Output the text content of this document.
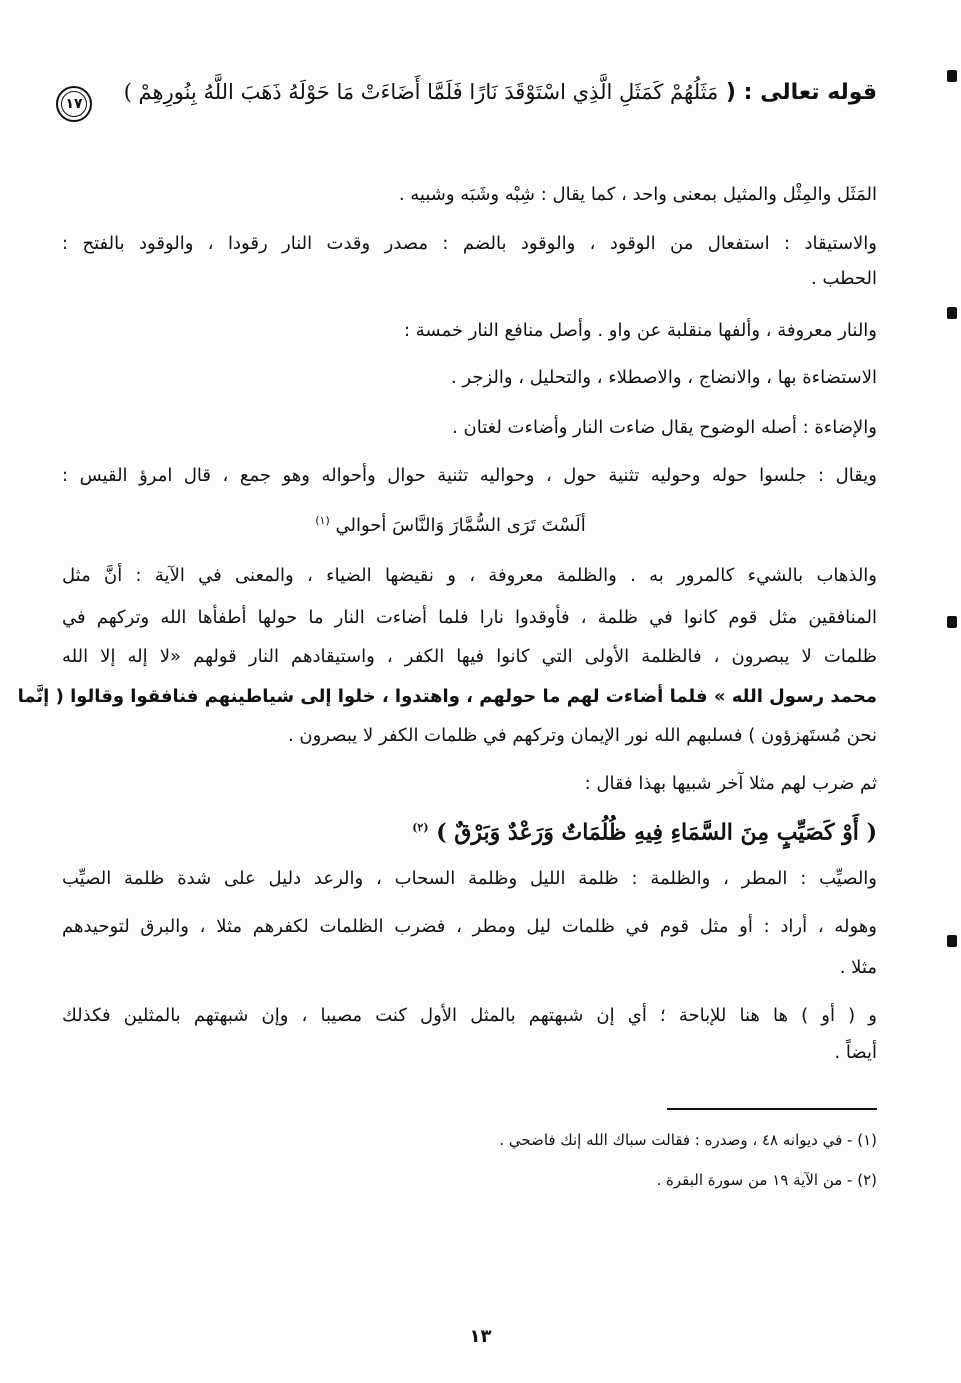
قوله تعالى : ( مَثَلُهُمْ كَمَثَلِ الَّذِي اسْتَوْقَدَ نَارًا فَلَمَّا أَضَاءَتْ مَا حَوْلَهُ ذَهَبَ اللَّهُ بِنُورِهِمْ )
١٧
المَثَل والمِثْل والمثيل بمعنى واحد ، كما يقال : شِبْه وشَبَه وشبيه .
والاستيقاد : استفعال من الوقود ، والوقود بالضم : مصدر وقدت النار رقودا ، والوقود بالفتح :
الحطب .
والنار معروفة ، وألفها منقلبة عن واو . وأصل منافع النار خمسة :
الاستضاءة بها ، والانضاج ، والاصطلاء ، والتحليل ، والزجر .
والإضاءة : أصله الوضوح يقال ضاءت النار وأضاءت لغتان .
ويقال : جلسوا حوله وحوليه تثنية حول ، وحواليه تثنية حوال وأحواله وهو جمع ، قال امرؤ القيس :
ألَسْتَ تَرَى السُّمَّارَ وَالنَّاسَ أحوالي $^{(١)}$
والذهاب بالشيء كالمرور به . والظلمة معروفة ، و نقيضها الضياء ، والمعنى في الآية : أنَّ مثل
المنافقين مثل قوم كانوا في ظلمة ، فأوقدوا نارا فلما أضاءت النار ما حولها أطفأها الله وتركهم في
ظلمات لا يبصرون ، فالظلمة الأولى التي كانوا فيها الكفر ، واستيقادهم النار قولهم «لا إله إلا الله
محمد رسول الله » فلما أضاءت لهم ما حولهم ، واهتدوا ، خلوا إلى شياطينهم فنافقوا وقالوا ( إنَّما
نحن مُستَهزؤون ) فسلبهم الله نور الإيمان وتركهم في ظلمات الكفر لا يبصرون .
ثم ضرب لهم مثلا آخر شبيها بهذا فقال :
( أَوْ كَصَيِّبٍ مِنَ السَّمَاءِ فِيهِ ظُلُمَاتٌ وَرَعْدٌ وَبَرْقٌ ) $^{(٢)}$
والصيِّب : المطر ، والظلمة : ظلمة الليل وظلمة السحاب ، والرعد دليل على شدة ظلمة الصيِّب
وهوله ، أراد : أو مثل قوم في ظلمات ليل ومطر ، فضرب الظلمات لكفرهم مثلا ، والبرق لتوحيدهم
مثلا .
و ( أو ) ها هنا للإباحة ؛ أي إن شبهتهم بالمثل الأول كنت مصيبا ، وإن شبهتهم بالمثلين فكذلك
أيضاً .
(١) - في ديوانه ٤٨ ، وصدره : فقالت سباك الله إنك فاضحي .
(٢) - من الآية ١٩ من سورة البقرة .
١٣
